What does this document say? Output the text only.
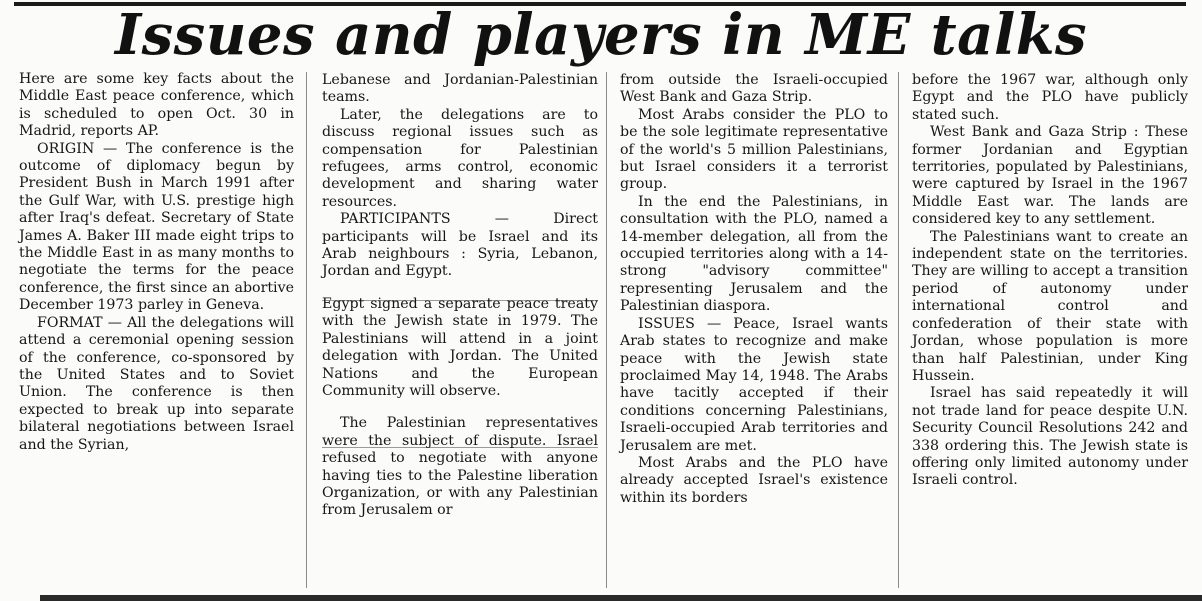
Issues and players in ME talks

Here are some key facts about the Middle East peace conference, which is scheduled to open Oct. 30 in Madrid, reports AP.

ORIGIN — The conference is the outcome of diplomacy begun by President Bush in March 1991 after the Gulf War, with U.S. prestige high after Iraq's defeat. Secretary of State James A. Baker III made eight trips to the Middle East in as many months to negotiate the terms for the peace conference, the first since an abortive December 1973 parley in Geneva.

FORMAT — All the delegations will attend a ceremonial opening session of the conference, co-sponsored by the United States and to Soviet Union. The conference is then expected to break up into separate bilateral negotiations between Israel and the Syrian,

Lebanese and Jordanian-Palestinian teams.

Later, the delegations are to discuss regional issues such as compensation for Palestinian refugees, arms control, economic development and sharing water resources.

PARTICIPANTS — Direct participants will be Israel and its Arab neighbours : Syria, Lebanon, Jordan and Egypt.

Egypt signed a separate peace treaty with the Jewish state in 1979. The Palestinians will attend in a joint delegation with Jordan. The United Nations and the European Community will observe.

The Palestinian representatives were the subject of dispute. Israel refused to negotiate with anyone having ties to the Palestine liberation Organization, or with any Palestinian from Jerusalem or

from outside the Israeli-occupied West Bank and Gaza Strip.

Most Arabs consider the PLO to be the sole legitimate representative of the world's 5 million Palestinians, but Israel considers it a terrorist group.

In the end the Palestinians, in consultation with the PLO, named a 14-member delegation, all from the occupied territories along with a 14-strong "advisory committee" representing Jerusalem and the Palestinian diaspora.

ISSUES — Peace, Israel wants Arab states to recognize and make peace with the Jewish state proclaimed May 14, 1948. The Arabs have tacitly accepted if their conditions concerning Palestinians, Israeli-occupied Arab territories and Jerusalem are met.

Most Arabs and the PLO have already accepted Israel's existence within its borders

before the 1967 war, although only Egypt and the PLO have publicly stated such.

West Bank and Gaza Strip : These former Jordanian and Egyptian territories, populated by Palestinians, were captured by Israel in the 1967 Middle East war. The lands are considered key to any settlement.

The Palestinians want to create an independent state on the territories. They are willing to accept a transition period of autonomy under international control and confederation of their state with Jordan, whose population is more than half Palestinian, under King Hussein.

Israel has said repeatedly it will not trade land for peace despite U.N. Security Council Resolutions 242 and 338 ordering this. The Jewish state is offering only limited autonomy under Israeli control.
